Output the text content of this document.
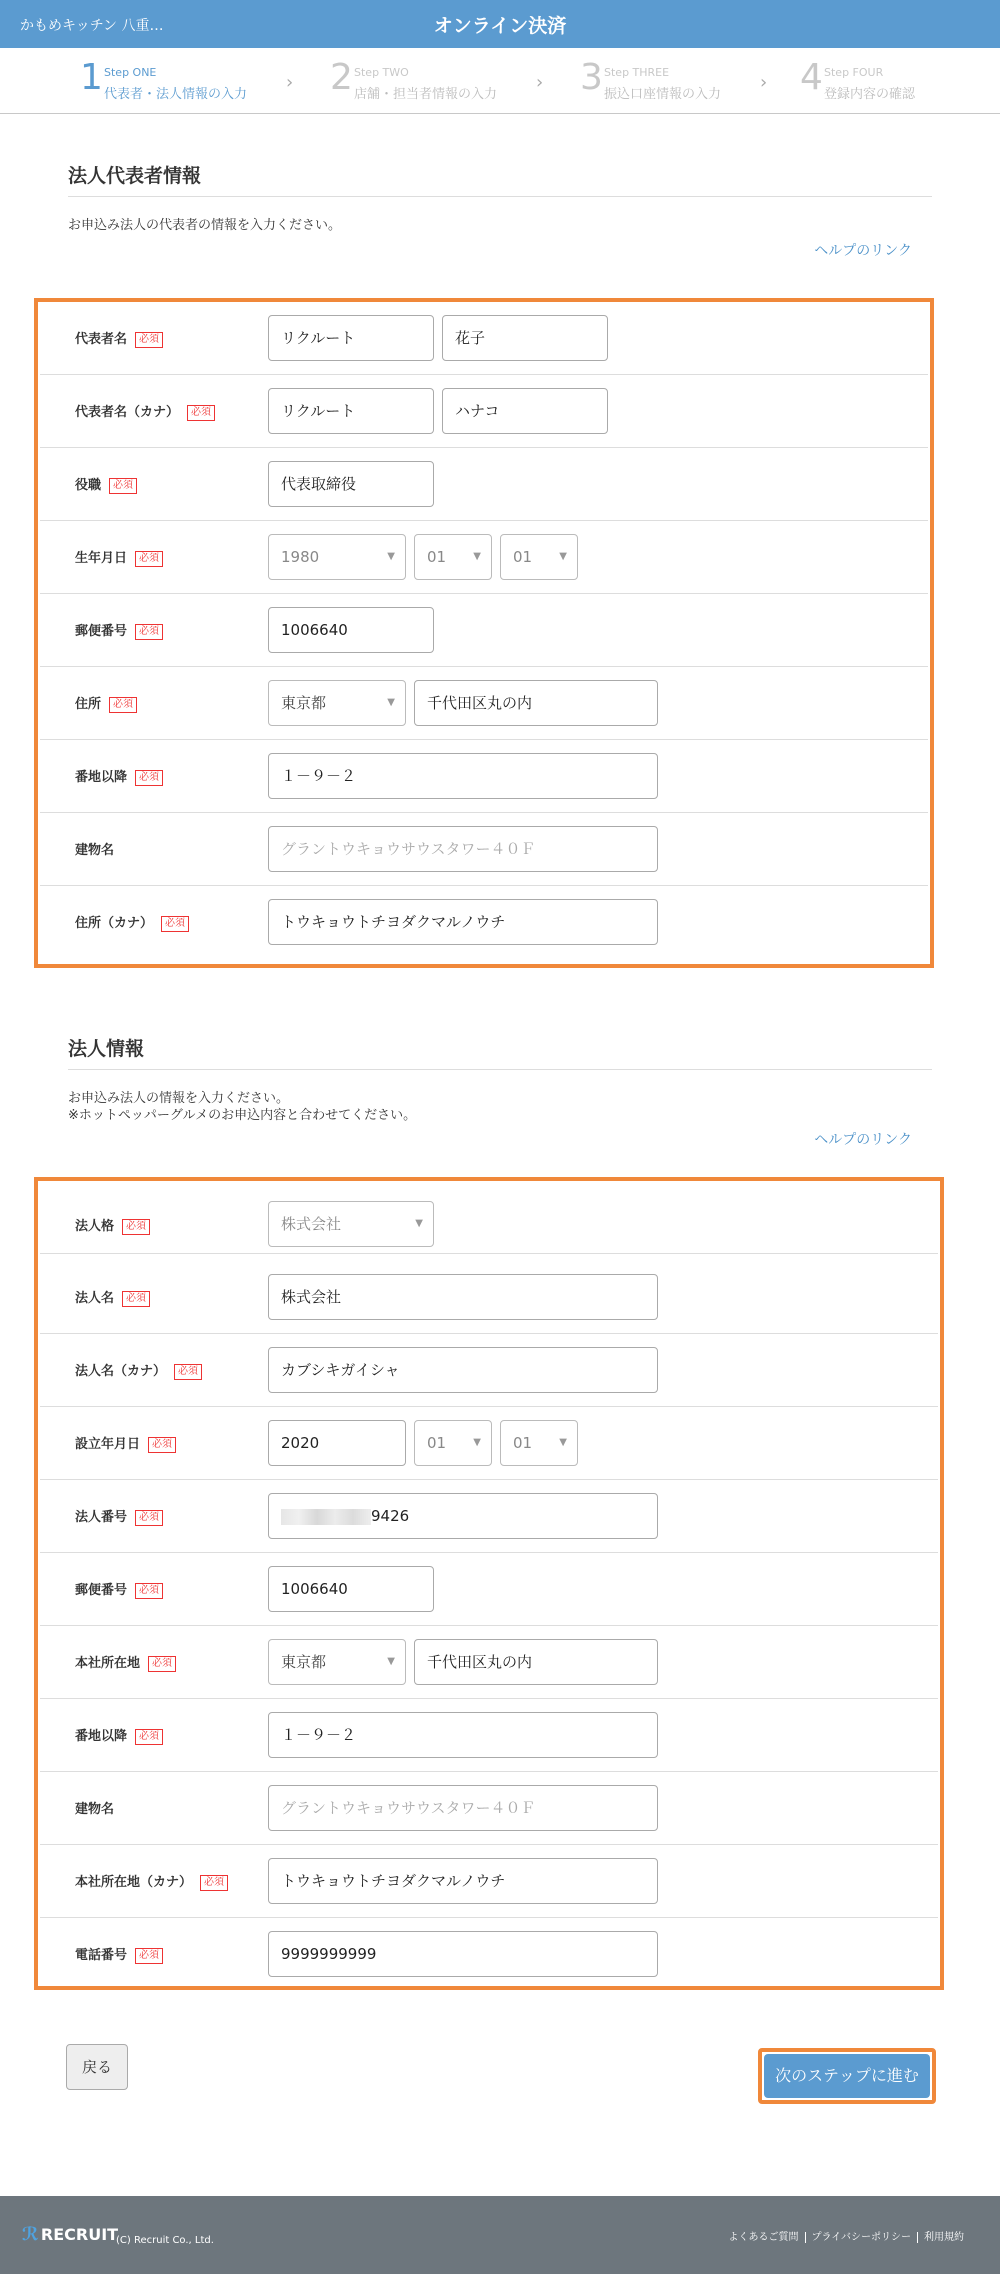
かもめキッチン 八重…	オンライン決済
1 Step ONE
代表者・法人情報の入力
› 2 Step TWO
店舗・担当者情報の入力
› 3 Step THREE
振込口座情報の入力
› 4 Step FOUR
登録内容の確認
法人代表者情報
お申込み法人の代表者の情報を入力ください。
ヘルプのリンク
代表者名 必須	リクルート	花子
代表者名（カナ） 必須	リクルート	ハナコ
役職 必須	代表取締役
生年月日 必須	1980	▼	01	▼	01	▼
郵便番号 必須	1006640
住所 必須	東京都	▼	千代田区丸の内
番地以降 必須	１－９－２
建物名	グラントウキョウサウスタワー４０Ｆ
住所（カナ） 必須	トウキョウトチヨダクマルノウチ
法人情報
お申込み法人の情報を入力ください。
※ホットペッパーグルメのお申込内容と合わせてください。
ヘルプのリンク
法人格 必須	株式会社	▼
法人名 必須	株式会社
法人名（カナ） 必須	カブシキガイシャ
設立年月日 必須	2020	01	▼	01	▼
法人番号 必須	9426
郵便番号 必須	1006640
本社所在地 必須	東京都	▼	千代田区丸の内
番地以降 必須	１－９－２
建物名	グラントウキョウサウスタワー４０Ｆ
本社所在地（カナ） 必須	トウキョウトチヨダクマルノウチ
電話番号 必須	9999999999
戻る	次のステップに進む
ℛ RECRUIT
(C) Recruit Co., Ltd.	よくあるご質問 プライバシーポリシー 利用規約
